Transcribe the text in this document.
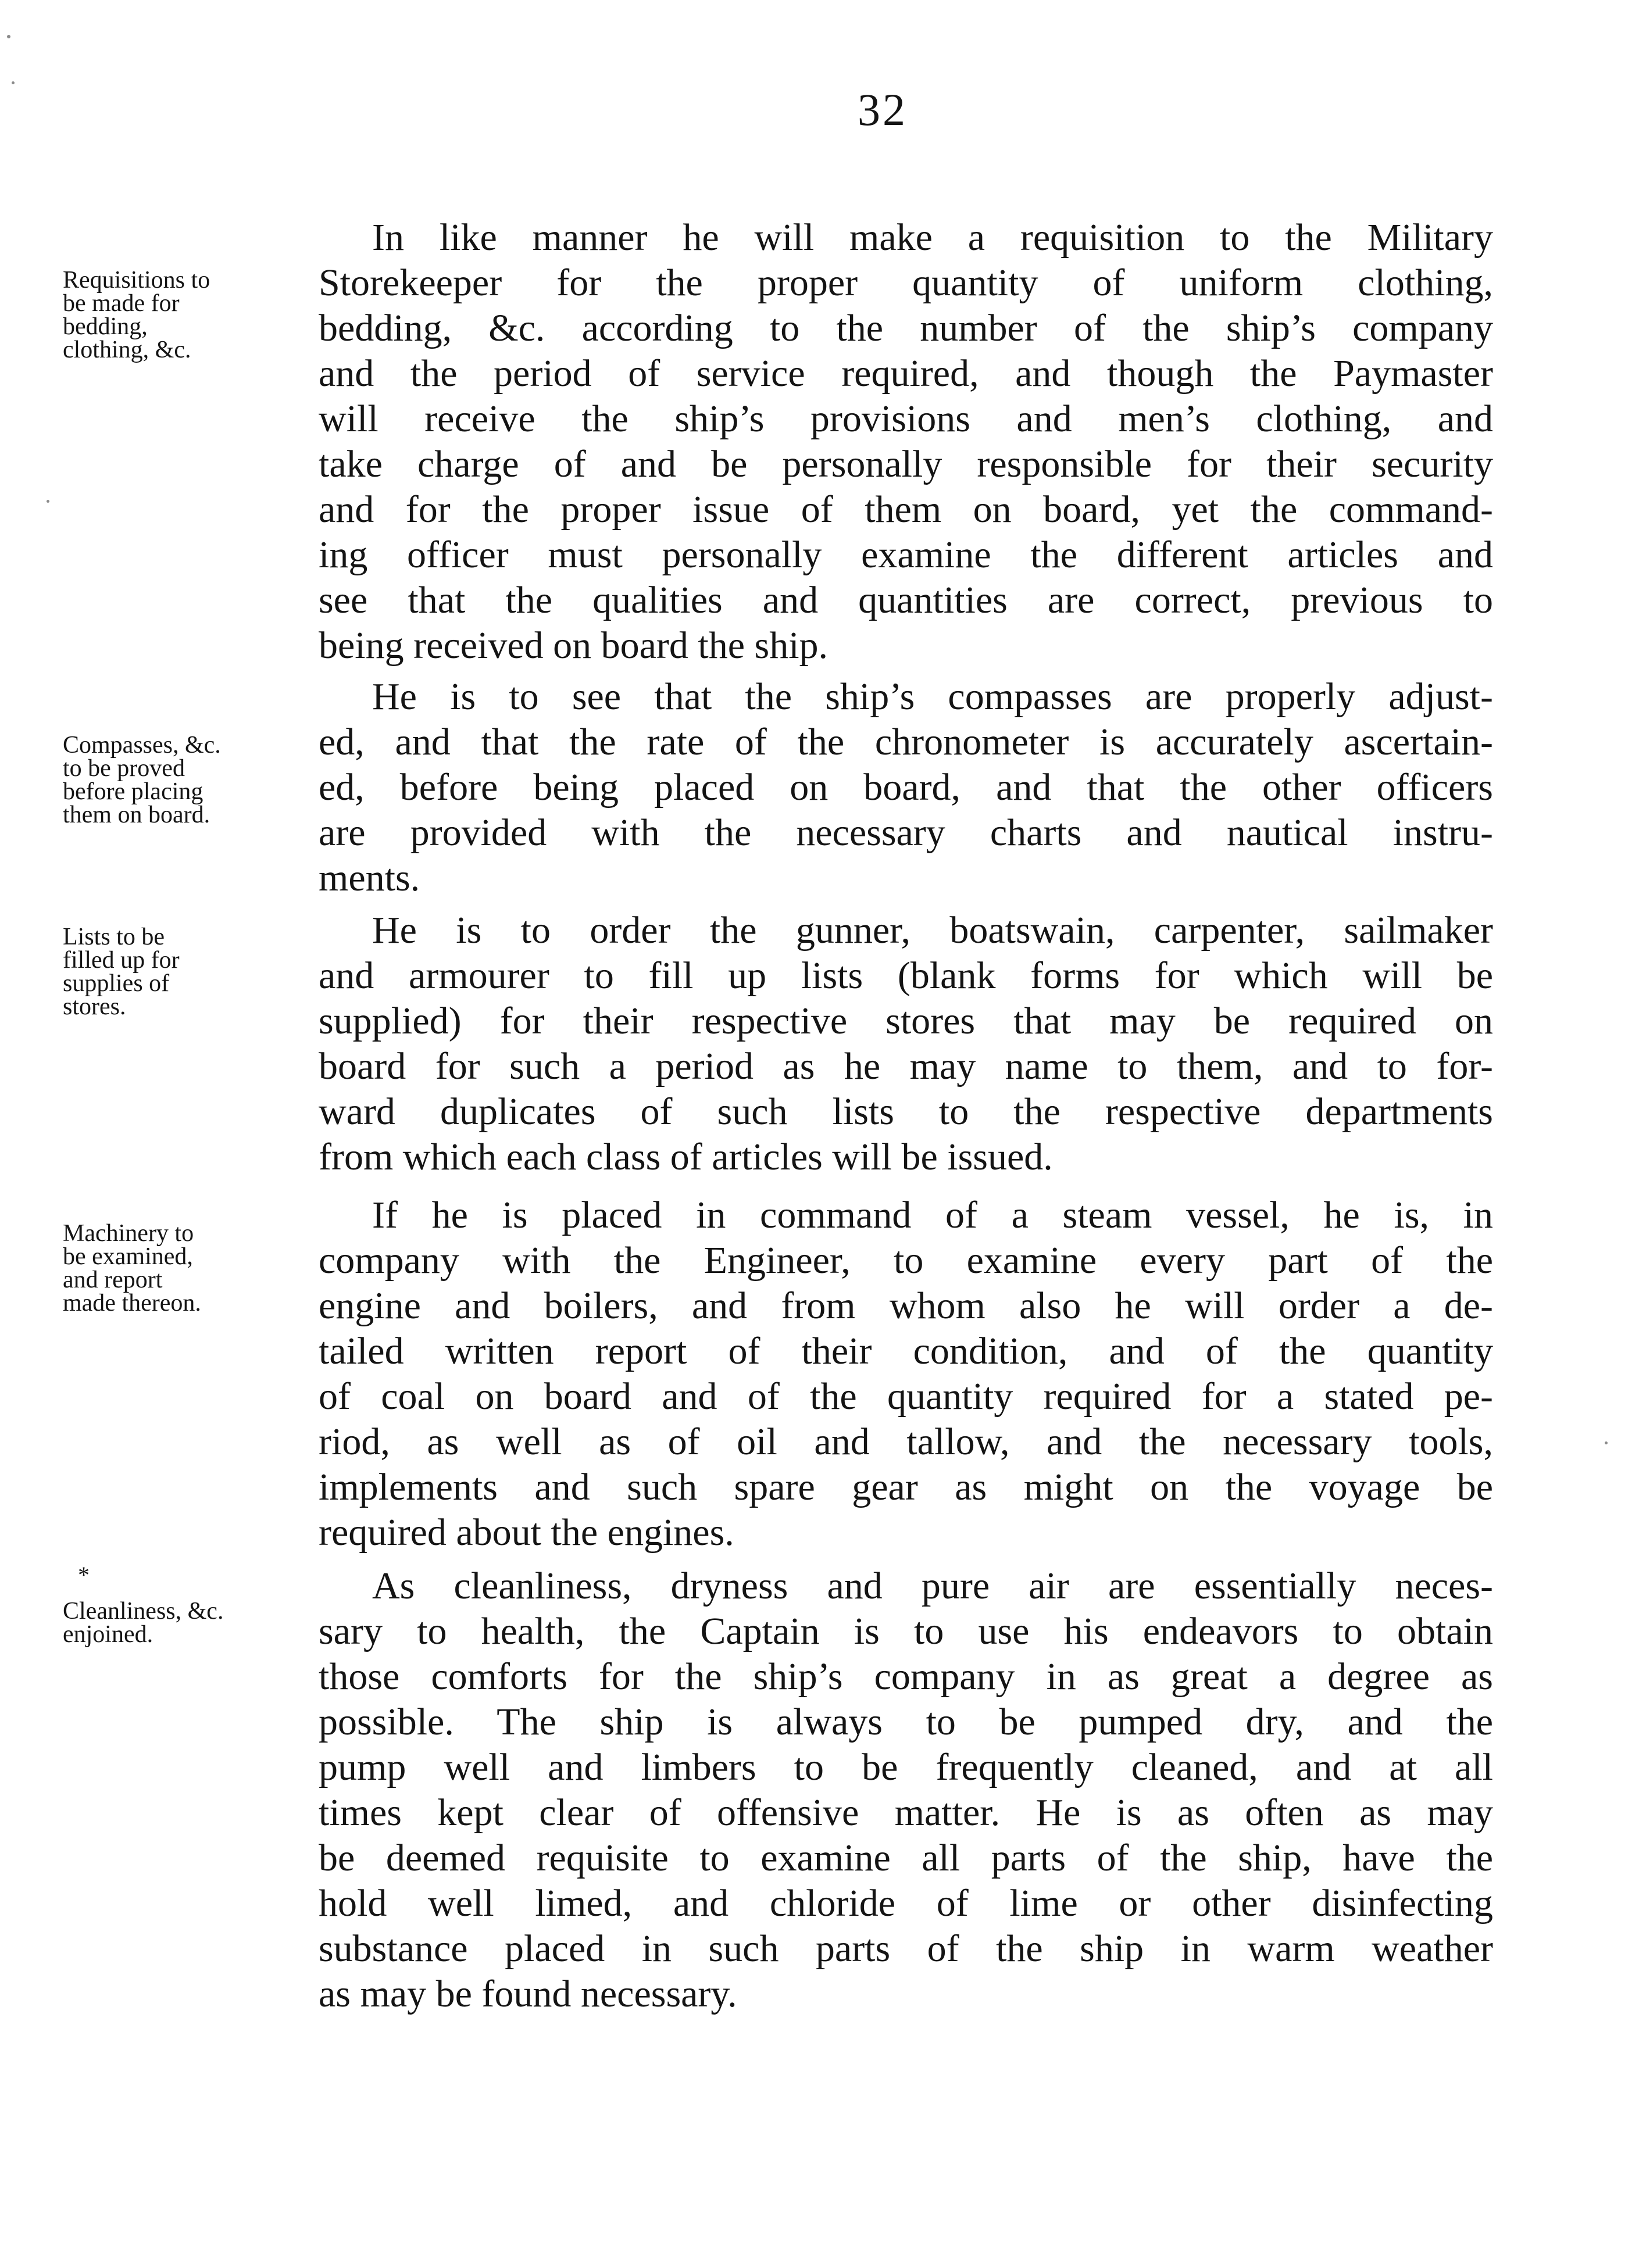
32

Requisitions to

be made for

bedding,

clothing, &c.

Compasses, &c.

to be proved

before placing

them on board.

Lists to be

filled up for

supplies of

stores.

Machinery to

be examined,

and report

made thereon.

*

Cleanliness, &c.

enjoined.

In like manner he will make a requisition to the Military

Storekeeper for the proper quantity of uniform clothing,

bedding, &c. according to the number of the ship’s company

and the period of service required, and though the Paymaster

will receive the ship’s provisions and men’s clothing, and

take charge of and be personally responsible for their security

and for the proper issue of them on board, yet the command-

ing officer must personally examine the different articles and

see that the qualities and quantities are correct, previous to

being received on board the ship.

He is to see that the ship’s compasses are properly adjust-

ed, and that the rate of the chronometer is accurately ascertain-

ed, before being placed on board, and that the other officers

are provided with the necessary charts and nautical instru-

ments.

He is to order the gunner, boatswain, carpenter, sailmaker

and armourer to fill up lists (blank forms for which will be

supplied) for their respective stores that may be required on

board for such a period as he may name to them, and to for-

ward duplicates of such lists to the respective departments

from which each class of articles will be issued.

If he is placed in command of a steam vessel, he is, in

company with the Engineer, to examine every part of the

engine and boilers, and from whom also he will order a de-

tailed written report of their condition, and of the quantity

of coal on board and of the quantity required for a stated pe-

riod, as well as of oil and tallow, and the necessary tools,

implements and such spare gear as might on the voyage be

required about the engines.

As cleanliness, dryness and pure air are essentially neces-

sary to health, the Captain is to use his endeavors to obtain

those comforts for the ship’s company in as great a degree as

possible. The ship is always to be pumped dry, and the

pump well and limbers to be frequently cleaned, and at all

times kept clear of offensive matter. He is as often as may

be deemed requisite to examine all parts of the ship, have the

hold well limed, and chloride of lime or other disinfecting

substance placed in such parts of the ship in warm weather

as may be found necessary.
